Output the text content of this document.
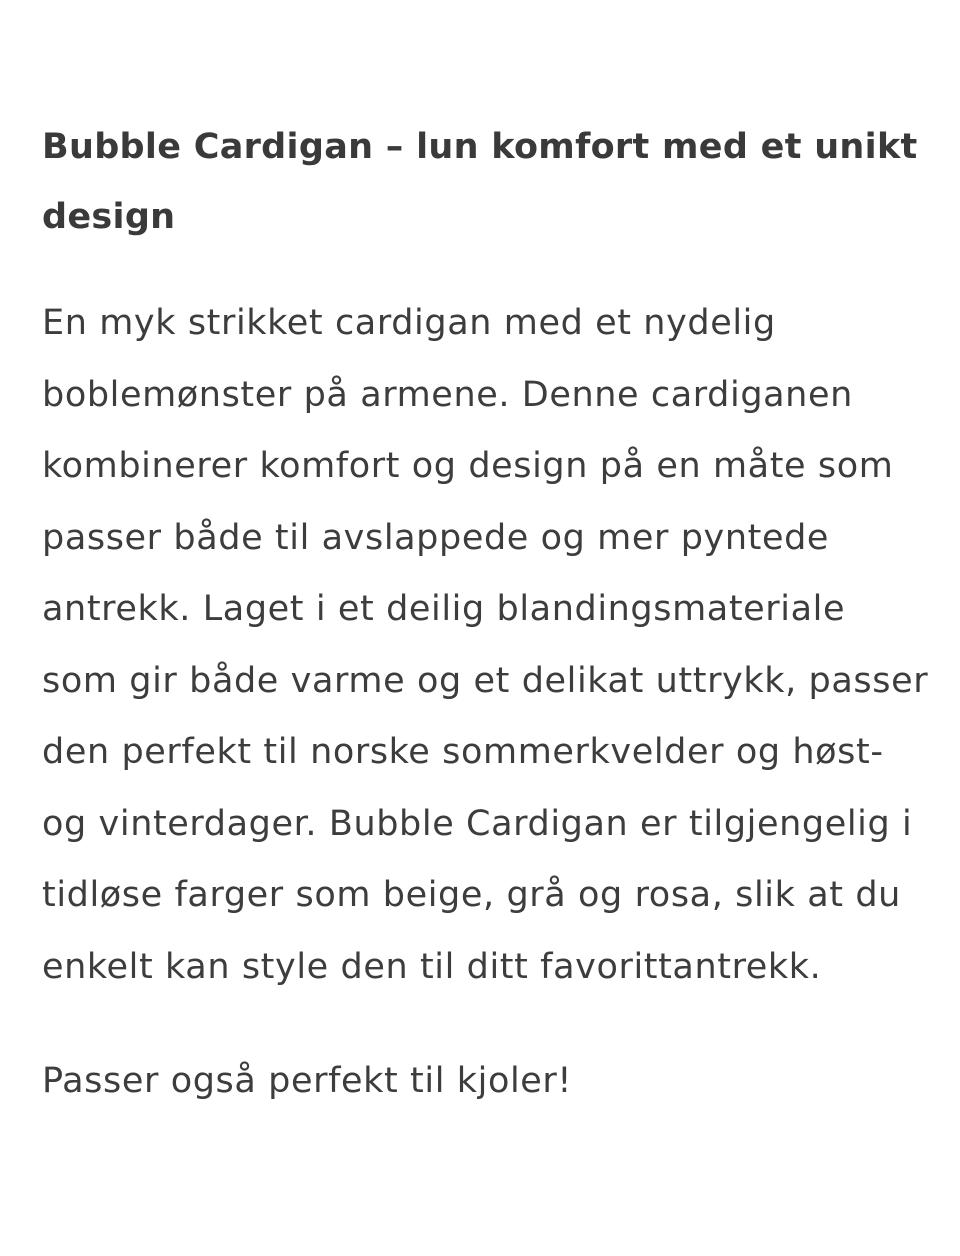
Bubble Cardigan – lun komfort med et unikt design

En myk strikket cardigan med et nydelig boblemønster på armene. Denne cardiganen kombinerer komfort og design på en måte som passer både til avslappede og mer pyntede antrekk. Laget i et deilig blandingsmateriale som gir både varme og et delikat uttrykk, passer den perfekt til norske sommerkvelder og høst- og vinterdager. Bubble Cardigan er tilgjengelig i tidløse farger som beige, grå og rosa, slik at du enkelt kan style den til ditt favorittantrekk.

Passer også perfekt til kjoler!
